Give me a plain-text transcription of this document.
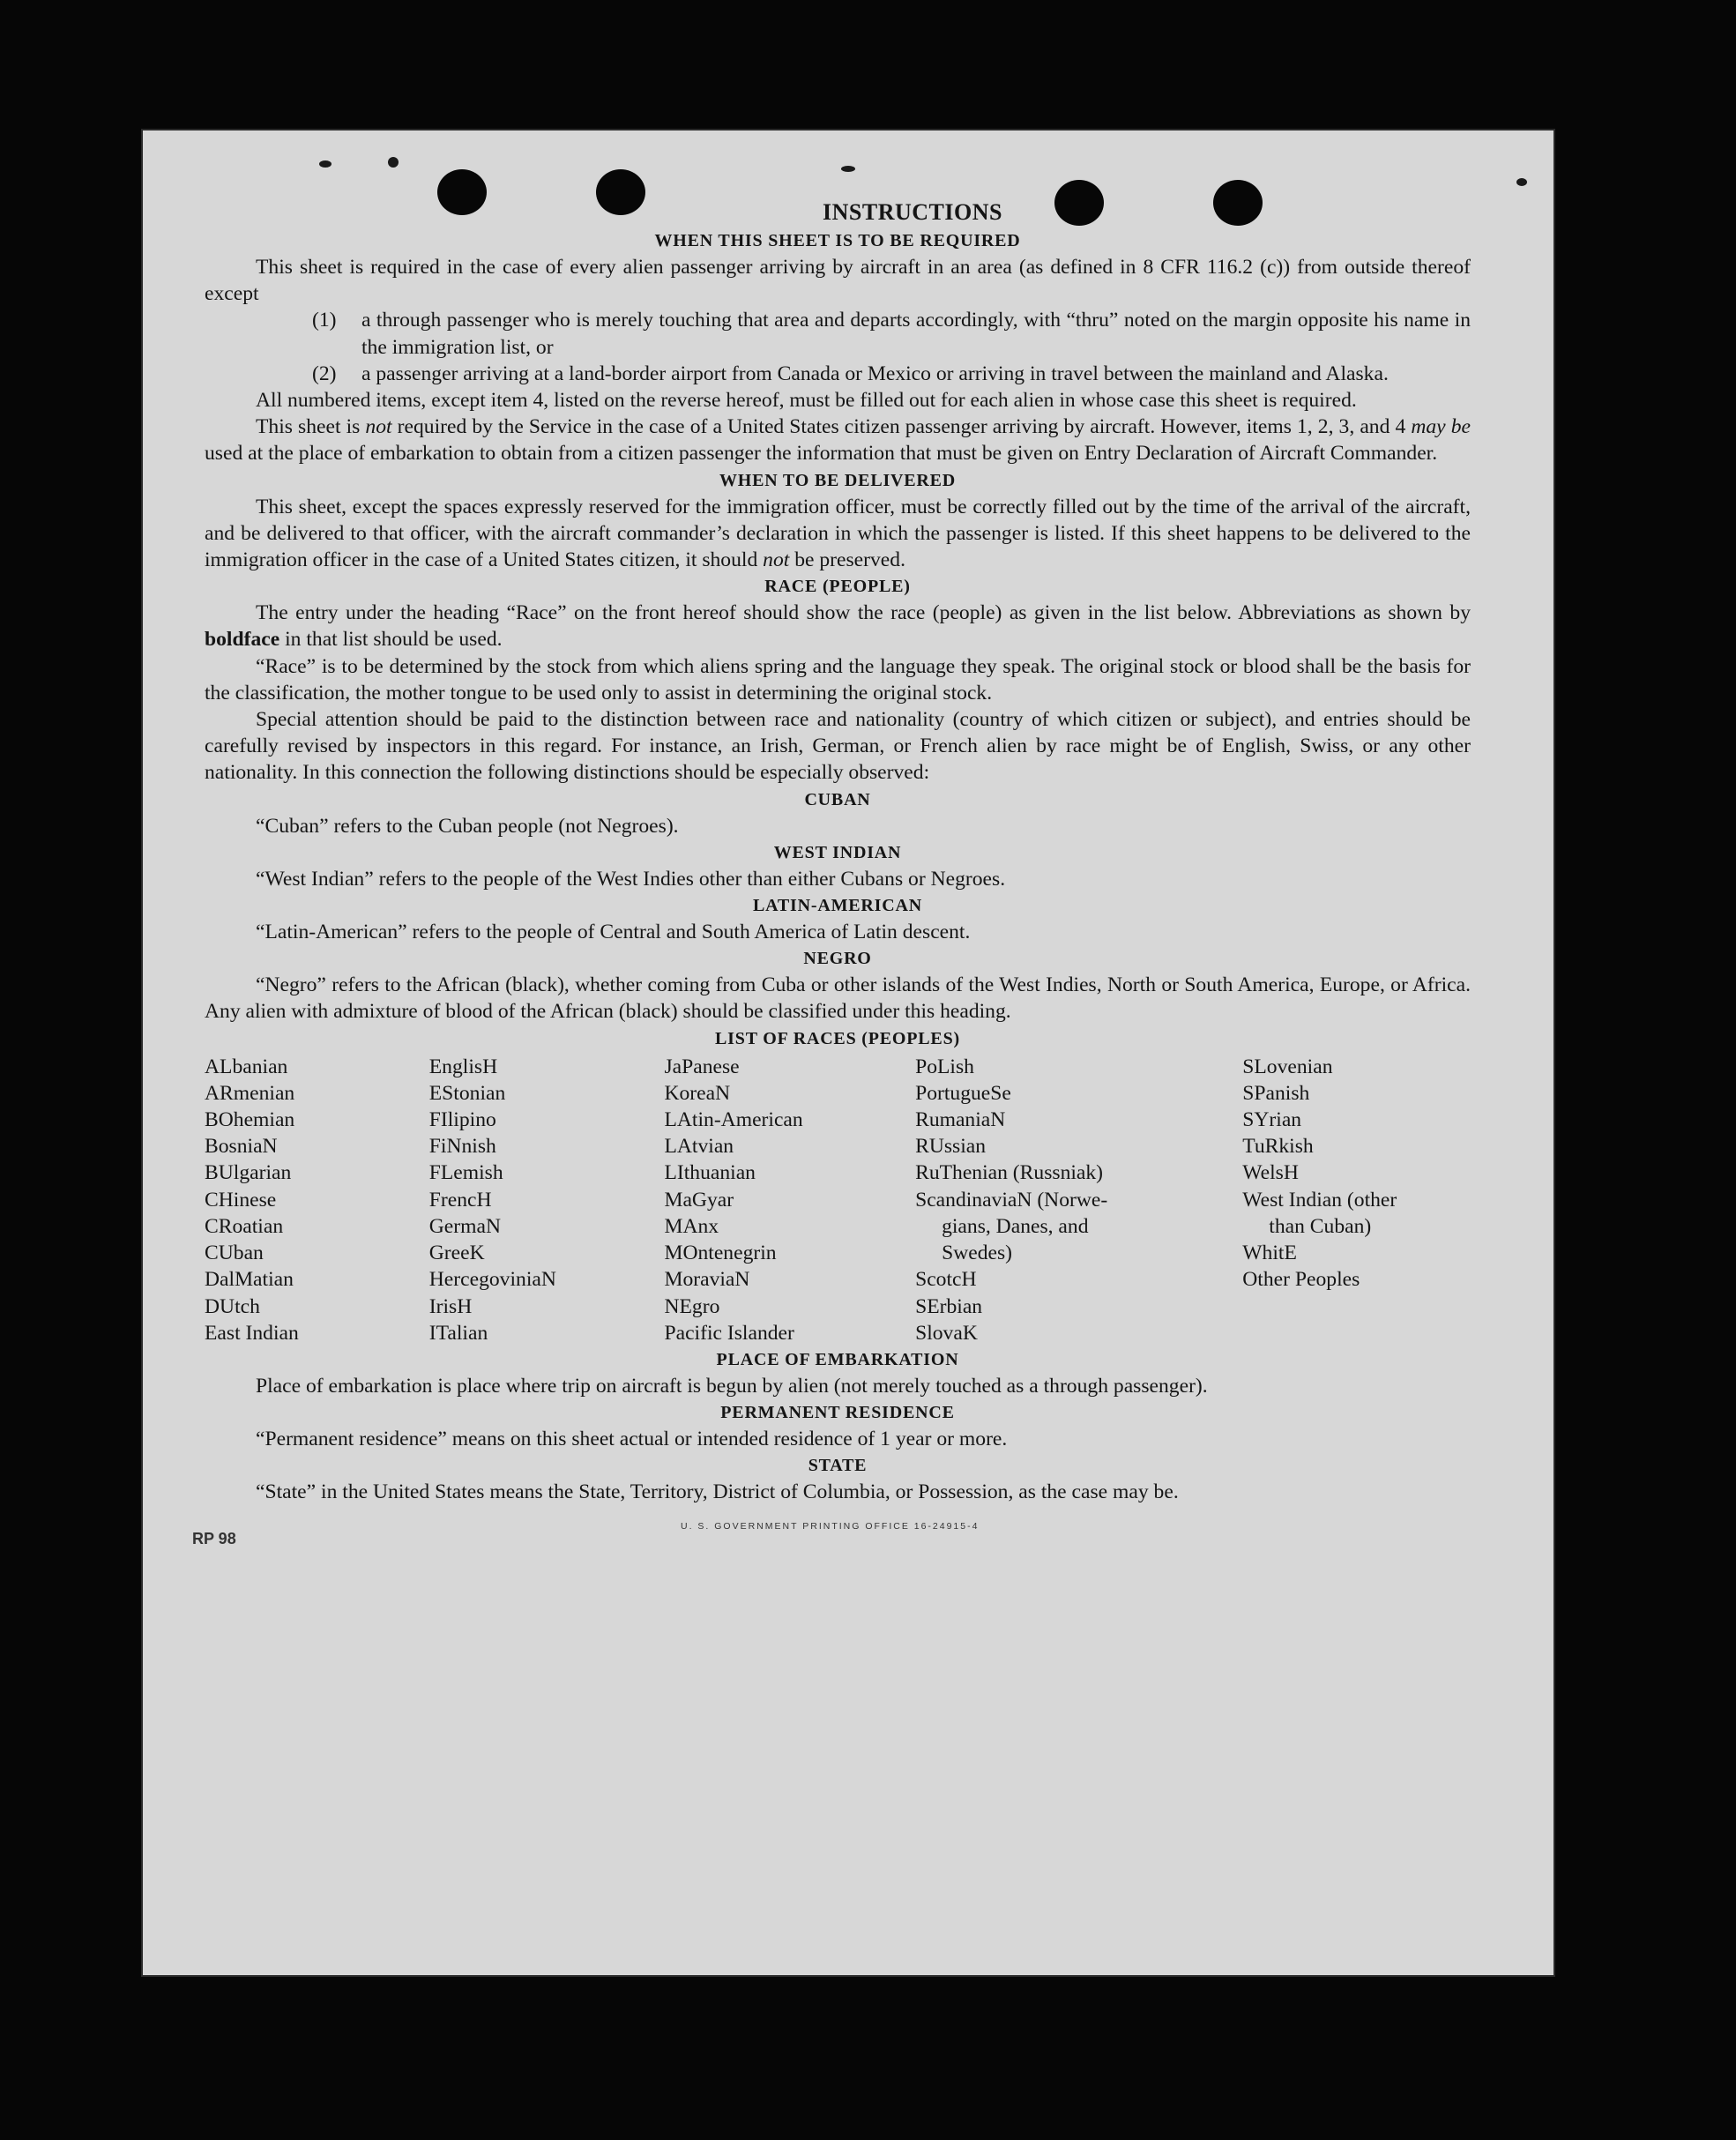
INSTRUCTIONS
WHEN THIS SHEET IS TO BE REQUIRED

This sheet is required in the case of every alien passenger arriving by aircraft in an area (as defined in 8 CFR 116.2 (c)) from outside thereof except

(1)	a through passenger who is merely touching that area and departs accordingly, with “thru” noted on the margin opposite his name in the immigration list, or
(2)	a passenger arriving at a land-border airport from Canada or Mexico or arriving in travel between the mainland and Alaska.

All numbered items, except item 4, listed on the reverse hereof, must be filled out for each alien in whose case this sheet is required.

This sheet is not required by the Service in the case of a United States citizen passenger arriving by aircraft. However, items 1, 2, 3, and 4 may be used at the place of embarkation to obtain from a citizen passenger the information that must be given on Entry Declaration of Aircraft Commander.

WHEN TO BE DELIVERED

This sheet, except the spaces expressly reserved for the immigration officer, must be correctly filled out by the time of the arrival of the aircraft, and be delivered to that officer, with the aircraft commander’s declaration in which the passenger is listed. If this sheet happens to be delivered to the immigration officer in the case of a United States citizen, it should not be preserved.

RACE (PEOPLE)

The entry under the heading “Race” on the front hereof should show the race (people) as given in the list below. Abbreviations as shown by boldface in that list should be used.

“Race” is to be determined by the stock from which aliens spring and the language they speak. The original stock or blood shall be the basis for the classification, the mother tongue to be used only to assist in determining the original stock.

Special attention should be paid to the distinction between race and nationality (country of which citizen or subject), and entries should be carefully revised by inspectors in this regard. For instance, an Irish, German, or French alien by race might be of English, Swiss, or any other nationality. In this connection the following distinctions should be especially observed:

CUBAN

“Cuban” refers to the Cuban people (not Negroes).

WEST INDIAN

“West Indian” refers to the people of the West Indies other than either Cubans or Negroes.

LATIN-AMERICAN

“Latin-American” refers to the people of Central and South America of Latin descent.

NEGRO

“Negro” refers to the African (black), whether coming from Cuba or other islands of the West Indies, North or South America, Europe, or Africa. Any alien with admixture of blood of the African (black) should be classified under this heading.

LIST OF RACES (PEOPLES)
ALbanian
ARmenian
BOhemian
BosniaN
BUlgarian
CHinese
CRoatian
CUban
DalMatian
DUtch
East Indian
EnglisH
EStonian
FIlipino
FiNnish
FLemish
FrencH
GermaN
GreeK
HercegoviniaN
IrisH
ITalian
JaPanese
KoreaN
LAtin-American
LAtvian
LIthuanian
MaGyar
MAnx
MOntenegrin
MoraviaN
NEgro
Pacific Islander
PoLish
PortugueSe
RumaniaN
RUssian
RuThenian (Russniak)
ScandinaviaN (Norwe-
gians, Danes, and
Swedes)
ScotcH
SErbian
SlovaK
SLovenian
SPanish
SYrian
TuRkish
WelsH
West Indian (other
than Cuban)
WhitE
Other Peoples
PLACE OF EMBARKATION

Place of embarkation is place where trip on aircraft is begun by alien (not merely touched as a through passenger).

PERMANENT RESIDENCE

“Permanent residence” means on this sheet actual or intended residence of 1 year or more.

STATE

“State” in the United States means the State, Territory, District of Columbia, or Possession, as the case may be.

U. S. GOVERNMENT PRINTING OFFICE 16-24915-4
RP 98
